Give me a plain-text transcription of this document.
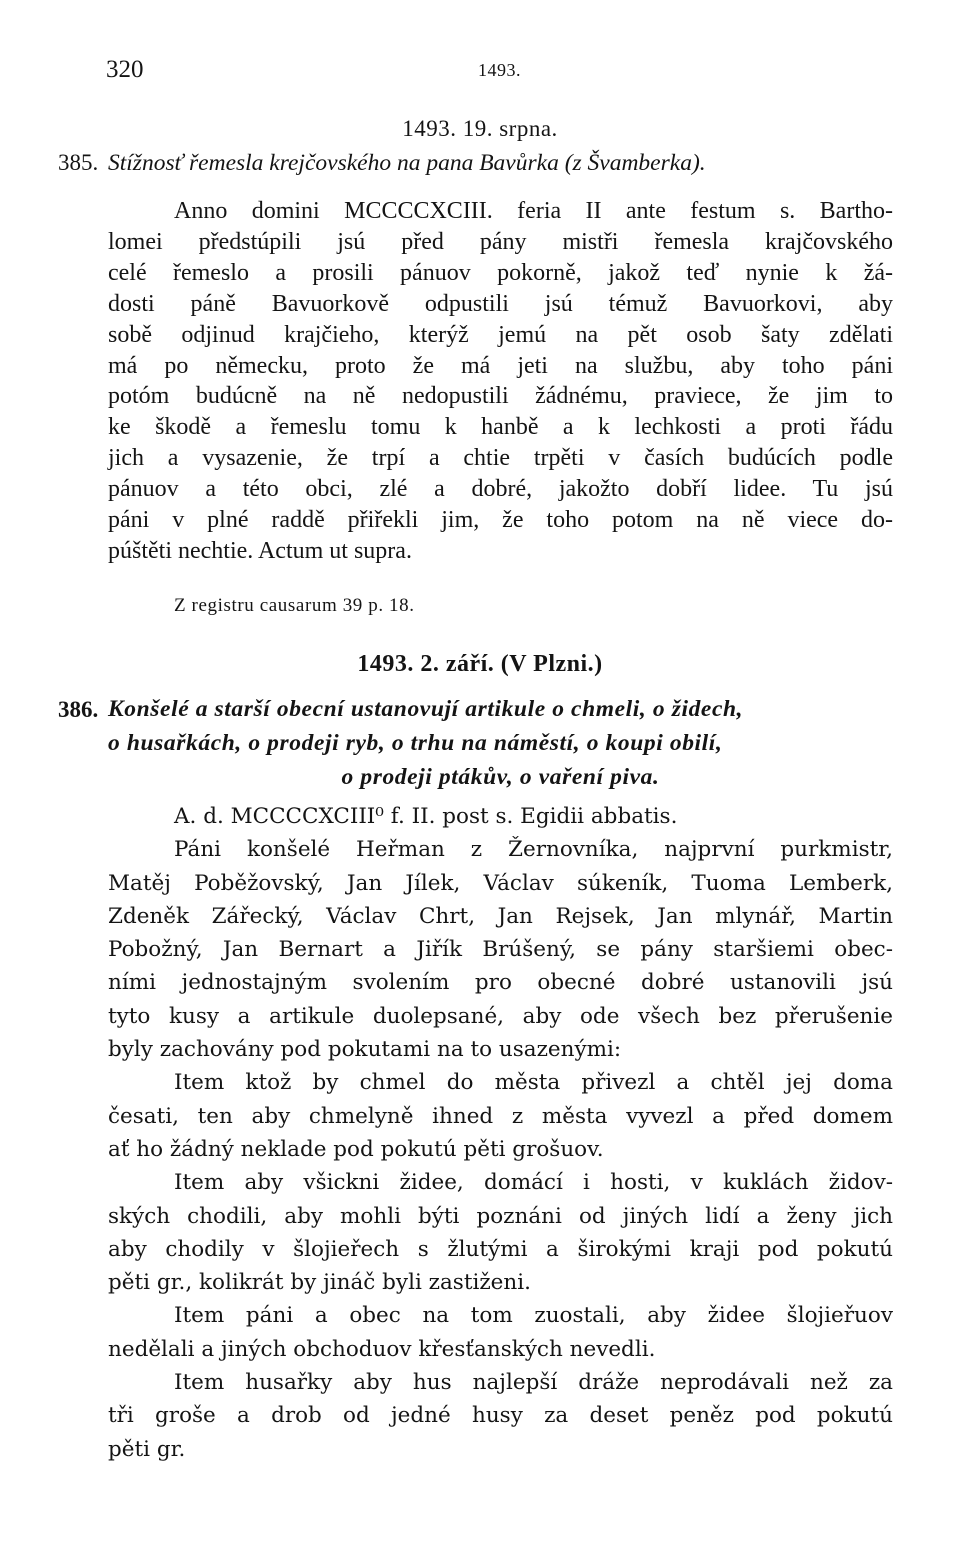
320	1493.
1493. 19. srpna.
385. Stížnosť řemesla krejčovského na pana Bavůrka (z Švamberka).
Anno domini MCCCCXCIII. feria II ante festum s. Bartho-
lomei předstúpili jsú před pány mistři řemesla krajčovského
celé řemeslo a prosili pánuov pokorně, jakož teď nynie k žá-
dosti páně Bavuorkově odpustili jsú témuž Bavuorkovi, aby
sobě odjinud krajčieho, kterýž jemú na pět osob šaty zdělati
má po německu, proto že má jeti na službu, aby toho páni
potóm budúcně na ně nedopustili žádnému, praviece, že jim to
ke škodě a řemeslu tomu k hanbě a k lechkosti a proti řádu
jich a vysazenie, že trpí a chtie trpěti v časích budúcích podle
pánuov a této obci, zlé a dobré, jakožto dobří lidee. Tu jsú
páni v plné raddě přiřekli jim, že toho potom na ně viece do-
púštěti nechtie. Actum ut supra.
Z registru causarum 39 p. 18.
1493. 2. září. (V Plzni.)
386. Konšelé a starší obecní ustanovují artikule o chmeli, o židech,
o husařkách, o prodeji ryb, o trhu na náměstí, o koupi obilí,
o prodeji ptákův, o vaření piva.
A. d. MCCCCXCIII⁰ f. II. post s. Egidii abbatis.
Páni konšelé Heřman z Žernovníka, najprvní purkmistr,
Matěj Poběžovský, Jan Jílek, Václav súkeník, Tuoma Lemberk,
Zdeněk Zářecký, Václav Chrt, Jan Rejsek, Jan mlynář, Martin
Pobožný, Jan Bernart a Jiřík Brúšený, se pány staršiemi obec-
ními jednostajným svolením pro obecné dobré ustanovili jsú
tyto kusy a artikule duolepsané, aby ode všech bez přerušenie
byly zachovány pod pokutami na to usazenými:
Item ktož by chmel do města přivezl a chtěl jej doma
česati, ten aby chmelyně ihned z města vyvezl a před domem
ať ho žádný neklade pod pokutú pěti grošuov.
Item aby všickni židee, domácí i hosti, v kuklách židov-
ských chodili, aby mohli býti poznáni od jiných lidí a ženy jich
aby chodily v šlojieřech s žlutými a širokými kraji pod pokutú
pěti gr., kolikrát by jináč byli zastiženi.
Item páni a obec na tom zuostali, aby židee šlojieřuov
nedělali a jiných obchoduov křesťanských nevedli.
Item husařky aby hus najlepší dráže neprodávali než za
tři groše a drob od jedné husy za deset peněz pod pokutú
pěti gr.
